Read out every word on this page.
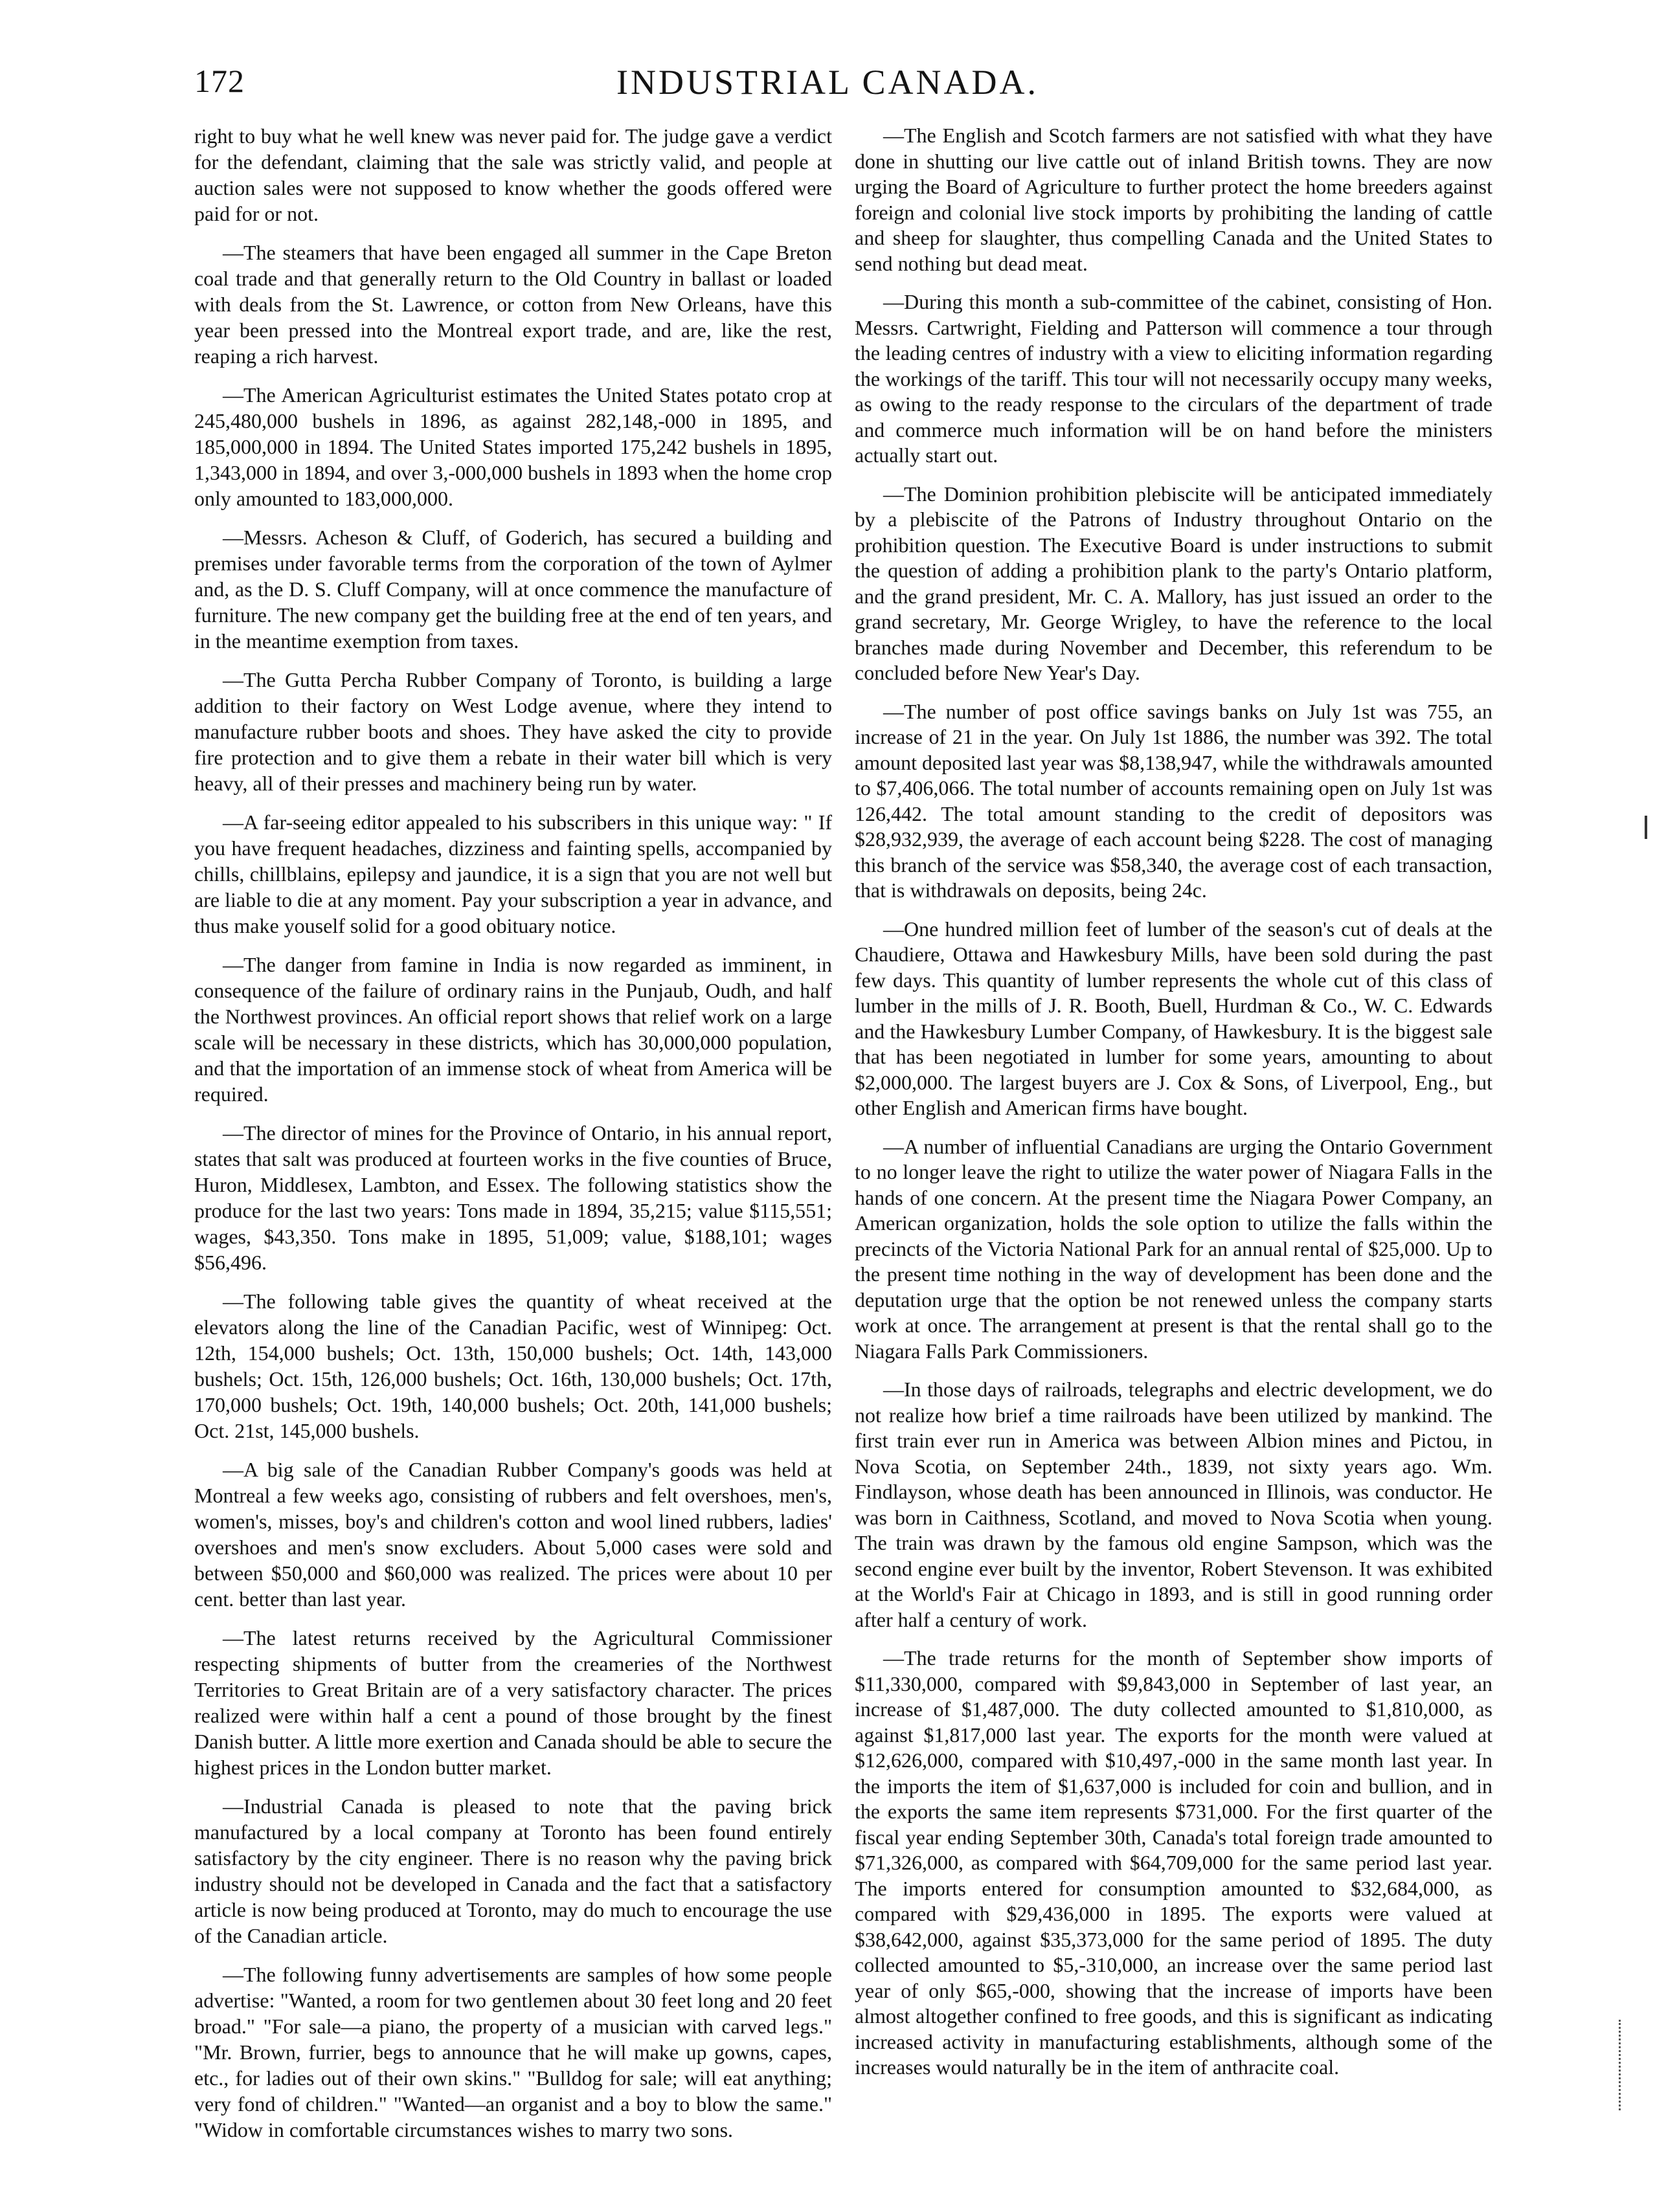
172	INDUSTRIAL CANADA.

right to buy what he well knew was never paid for. The judge gave a verdict for the defendant, claiming that the sale was strictly valid, and people at auction sales were not supposed to know whether the goods offered were paid for or not.

—The steamers that have been engaged all summer in the Cape Breton coal trade and that generally return to the Old Country in ballast or loaded with deals from the St. Lawrence, or cotton from New Orleans, have this year been pressed into the Montreal export trade, and are, like the rest, reaping a rich harvest.

—The American Agriculturist estimates the United States potato crop at 245,480,000 bushels in 1896, as against 282,148,-000 in 1895, and 185,000,000 in 1894. The United States imported 175,242 bushels in 1895, 1,343,000 in 1894, and over 3,-000,000 bushels in 1893 when the home crop only amounted to 183,000,000.

—Messrs. Acheson & Cluff, of Goderich, has secured a building and premises under favorable terms from the corporation of the town of Aylmer and, as the D. S. Cluff Company, will at once commence the manufacture of furniture. The new company get the building free at the end of ten years, and in the meantime exemption from taxes.

—The Gutta Percha Rubber Company of Toronto, is building a large addition to their factory on West Lodge avenue, where they intend to manufacture rubber boots and shoes. They have asked the city to provide fire protection and to give them a rebate in their water bill which is very heavy, all of their presses and machinery being run by water.

—A far-seeing editor appealed to his subscribers in this unique way: " If you have frequent headaches, dizziness and fainting spells, accompanied by chills, chillblains, epilepsy and jaundice, it is a sign that you are not well but are liable to die at any moment. Pay your subscription a year in advance, and thus make youself solid for a good obituary notice.

—The danger from famine in India is now regarded as imminent, in consequence of the failure of ordinary rains in the Punjaub, Oudh, and half the Northwest provinces. An official report shows that relief work on a large scale will be necessary in these districts, which has 30,000,000 population, and that the importation of an immense stock of wheat from America will be required.

—The director of mines for the Province of Ontario, in his annual report, states that salt was produced at fourteen works in the five counties of Bruce, Huron, Middlesex, Lambton, and Essex. The following statistics show the produce for the last two years: Tons made in 1894, 35,215; value $115,551; wages, $43,350. Tons make in 1895, 51,009; value, $188,101; wages $56,496.

—The following table gives the quantity of wheat received at the elevators along the line of the Canadian Pacific, west of Winnipeg: Oct. 12th, 154,000 bushels; Oct. 13th, 150,000 bushels; Oct. 14th, 143,000 bushels; Oct. 15th, 126,000 bushels; Oct. 16th, 130,000 bushels; Oct. 17th, 170,000 bushels; Oct. 19th, 140,000 bushels; Oct. 20th, 141,000 bushels; Oct. 21st, 145,000 bushels.

—A big sale of the Canadian Rubber Company's goods was held at Montreal a few weeks ago, consisting of rubbers and felt overshoes, men's, women's, misses, boy's and children's cotton and wool lined rubbers, ladies' overshoes and men's snow excluders. About 5,000 cases were sold and between $50,000 and $60,000 was realized. The prices were about 10 per cent. better than last year.

—The latest returns received by the Agricultural Commissioner respecting shipments of butter from the creameries of the Northwest Territories to Great Britain are of a very satisfactory character. The prices realized were within half a cent a pound of those brought by the finest Danish butter. A little more exertion and Canada should be able to secure the highest prices in the London butter market.

—Industrial Canada is pleased to note that the paving brick manufactured by a local company at Toronto has been found entirely satisfactory by the city engineer. There is no reason why the paving brick industry should not be developed in Canada and the fact that a satisfactory article is now being produced at Toronto, may do much to encourage the use of the Canadian article.

—The following funny advertisements are samples of how some people advertise: "Wanted, a room for two gentlemen about 30 feet long and 20 feet broad." "For sale—a piano, the property of a musician with carved legs." "Mr. Brown, furrier, begs to announce that he will make up gowns, capes, etc., for ladies out of their own skins." "Bulldog for sale; will eat anything; very fond of children." "Wanted—an organist and a boy to blow the same." "Widow in comfortable circumstances wishes to marry two sons.

—The English and Scotch farmers are not satisfied with what they have done in shutting our live cattle out of inland British towns. They are now urging the Board of Agriculture to further protect the home breeders against foreign and colonial live stock imports by prohibiting the landing of cattle and sheep for slaughter, thus compelling Canada and the United States to send nothing but dead meat.

—During this month a sub-committee of the cabinet, consisting of Hon. Messrs. Cartwright, Fielding and Patterson will commence a tour through the leading centres of industry with a view to eliciting information regarding the workings of the tariff. This tour will not necessarily occupy many weeks, as owing to the ready response to the circulars of the department of trade and commerce much information will be on hand before the ministers actually start out.

—The Dominion prohibition plebiscite will be anticipated immediately by a plebiscite of the Patrons of Industry throughout Ontario on the prohibition question. The Executive Board is under instructions to submit the question of adding a prohibition plank to the party's Ontario platform, and the grand president, Mr. C. A. Mallory, has just issued an order to the grand secretary, Mr. George Wrigley, to have the reference to the local branches made during November and December, this referendum to be concluded before New Year's Day.

—The number of post office savings banks on July 1st was 755, an increase of 21 in the year. On July 1st 1886, the number was 392. The total amount deposited last year was $8,138,947, while the withdrawals amounted to $7,406,066. The total number of accounts remaining open on July 1st was 126,442. The total amount standing to the credit of depositors was $28,932,939, the average of each account being $228. The cost of managing this branch of the service was $58,340, the average cost of each transaction, that is withdrawals on deposits, being 24c.

—One hundred million feet of lumber of the season's cut of deals at the Chaudiere, Ottawa and Hawkesbury Mills, have been sold during the past few days. This quantity of lumber represents the whole cut of this class of lumber in the mills of J. R. Booth, Buell, Hurdman & Co., W. C. Edwards and the Hawkesbury Lumber Company, of Hawkesbury. It is the biggest sale that has been negotiated in lumber for some years, amounting to about $2,000,000. The largest buyers are J. Cox & Sons, of Liverpool, Eng., but other English and American firms have bought.

—A number of influential Canadians are urging the Ontario Government to no longer leave the right to utilize the water power of Niagara Falls in the hands of one concern. At the present time the Niagara Power Company, an American organization, holds the sole option to utilize the falls within the precincts of the Victoria National Park for an annual rental of $25,000. Up to the present time nothing in the way of development has been done and the deputation urge that the option be not renewed unless the company starts work at once. The arrangement at present is that the rental shall go to the Niagara Falls Park Commissioners.

—In those days of railroads, telegraphs and electric development, we do not realize how brief a time railroads have been utilized by mankind. The first train ever run in America was between Albion mines and Pictou, in Nova Scotia, on September 24th., 1839, not sixty years ago. Wm. Findlayson, whose death has been announced in Illinois, was conductor. He was born in Caithness, Scotland, and moved to Nova Scotia when young. The train was drawn by the famous old engine Sampson, which was the second engine ever built by the inventor, Robert Stevenson. It was exhibited at the World's Fair at Chicago in 1893, and is still in good running order after half a century of work.

—The trade returns for the month of September show imports of $11,330,000, compared with $9,843,000 in September of last year, an increase of $1,487,000. The duty collected amounted to $1,810,000, as against $1,817,000 last year. The exports for the month were valued at $12,626,000, compared with $10,497,-000 in the same month last year. In the imports the item of $1,637,000 is included for coin and bullion, and in the exports the same item represents $731,000. For the first quarter of the fiscal year ending September 30th, Canada's total foreign trade amounted to $71,326,000, as compared with $64,709,000 for the same period last year. The imports entered for consumption amounted to $32,684,000, as compared with $29,436,000 in 1895. The exports were valued at $38,642,000, against $35,373,000 for the same period of 1895. The duty collected amounted to $5,-310,000, an increase over the same period last year of only $65,-000, showing that the increase of imports have been almost altogether confined to free goods, and this is significant as indicating increased activity in manufacturing establishments, although some of the increases would naturally be in the item of anthracite coal.
